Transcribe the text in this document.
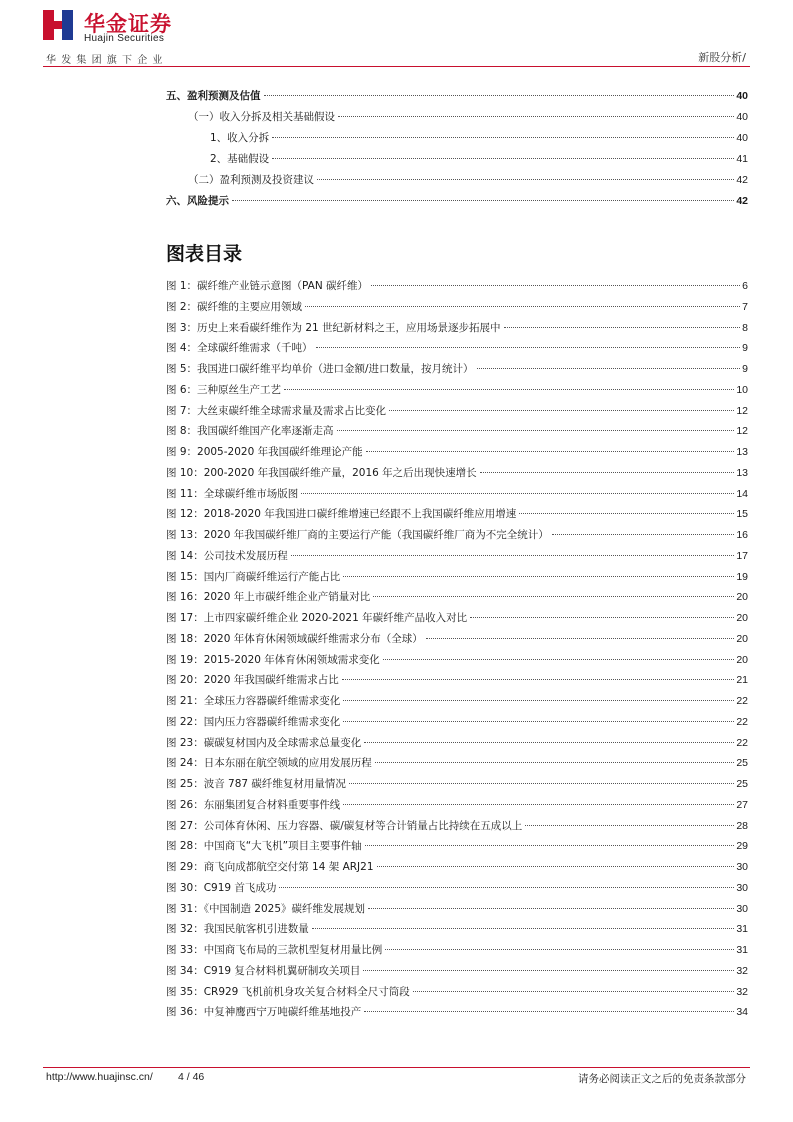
华金证券
Huajin Securities
华发集团旗下企业	新股分析/
五、盈利预测及估值	40
（一）收入分拆及相关基础假设	40
1、收入分拆	40
2、基础假设	41
（二）盈利预测及投资建议	42
六、风险提示	42
图表目录
图 1：碳纤维产业链示意图（PAN 碳纤维）	6
图 2：碳纤维的主要应用领域	7
图 3：历史上来看碳纤维作为 21 世纪新材料之王，应用场景逐步拓展中	8
图 4：全球碳纤维需求（千吨）	9
图 5：我国进口碳纤维平均单价（进口金额/进口数量，按月统计）	9
图 6：三种原丝生产工艺	10
图 7：大丝束碳纤维全球需求量及需求占比变化	12
图 8：我国碳纤维国产化率逐渐走高	12
图 9：2005-2020 年我国碳纤维理论产能	13
图 10：200-2020 年我国碳纤维产量，2016 年之后出现快速增长	13
图 11：全球碳纤维市场版图	14
图 12：2018-2020 年我国进口碳纤维增速已经跟不上我国碳纤维应用增速	15
图 13：2020 年我国碳纤维厂商的主要运行产能（我国碳纤维厂商为不完全统计）	16
图 14：公司技术发展历程	17
图 15：国内厂商碳纤维运行产能占比	19
图 16：2020 年上市碳纤维企业产销量对比	20
图 17：上市四家碳纤维企业 2020-2021 年碳纤维产品收入对比	20
图 18：2020 年体育休闲领域碳纤维需求分布（全球）	20
图 19：2015-2020 年体育休闲领域需求变化	20
图 20：2020 年我国碳纤维需求占比	21
图 21：全球压力容器碳纤维需求变化	22
图 22：国内压力容器碳纤维需求变化	22
图 23：碳碳复材国内及全球需求总量变化	22
图 24：日本东丽在航空领域的应用发展历程	25
图 25：波音 787 碳纤维复材用量情况	25
图 26：东丽集团复合材料重要事件线	27
图 27：公司体育休闲、压力容器、碳/碳复材等合计销量占比持续在五成以上	28
图 28：中国商飞“大飞机”项目主要事件轴	29
图 29：商飞向成都航空交付第 14 架 ARJ21	30
图 30：C919 首飞成功	30
图 31：《中国制造 2025》碳纤维发展规划	30
图 32：我国民航客机引进数量	31
图 33：中国商飞布局的三款机型复材用量比例	31
图 34：C919 复合材料机翼研制攻关项目	32
图 35：CR929 飞机前机身攻关复合材料全尺寸筒段	32
图 36：中复神鹰西宁万吨碳纤维基地投产	34
http://www.huajinsc.cn/ 4 / 46	请务必阅读正文之后的免责条款部分
